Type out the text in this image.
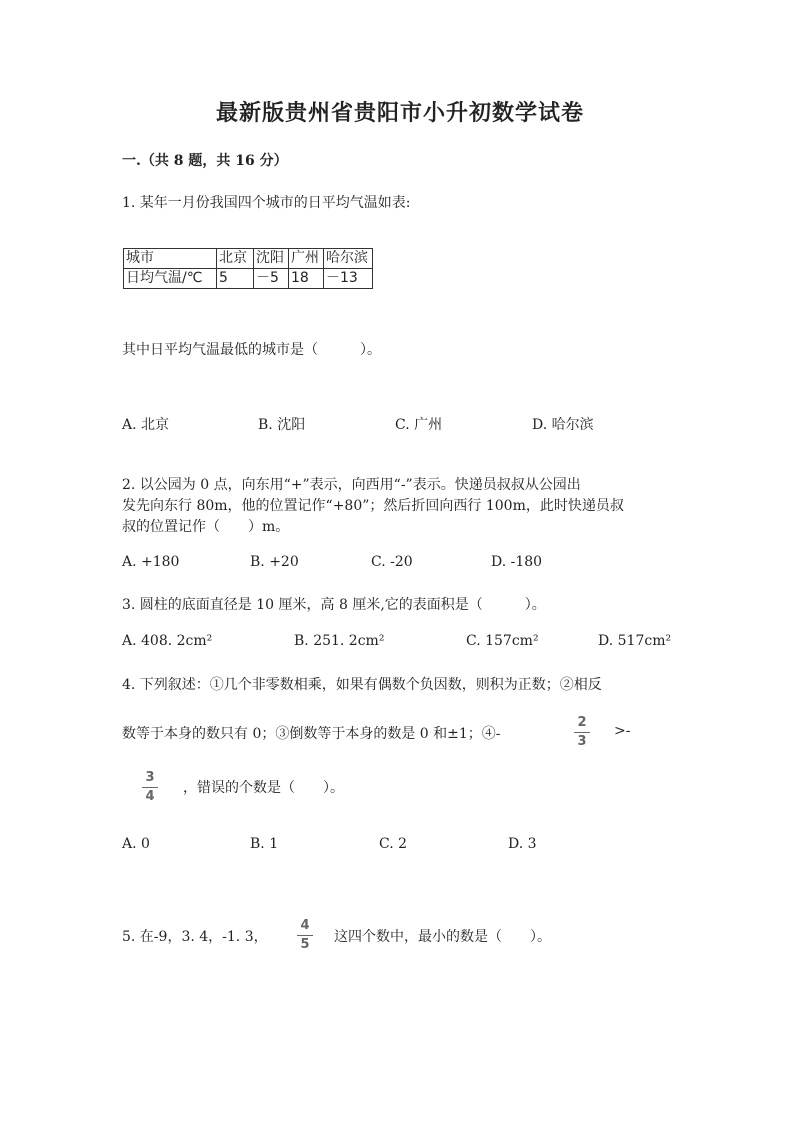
最新版贵州省贵阳市小升初数学试卷
一.（共 8 题，共 16 分）
1. 某年一月份我国四个城市的日平均气温如表:
城市	北京	沈阳	广州	哈尔滨
日均气温/℃	5	－5	18	－13
其中日平均气温最低的城市是（　　　）。
A. 北京	B. 沈阳	C. 广州	D. 哈尔滨
2. 以公园为 0 点，向东用“+”表示，向西用“-”表示。快递员叔叔从公园出
发先向东行 80m，他的位置记作“+80”；然后折回向西行 100m，此时快递员叔
叔的位置记作（　　）m。
A. +180	B. +20	C. -20	D. -180
3. 圆柱的底面直径是 10 厘米，高 8 厘米,它的表面积是（　　　）。
A. 408. 2cm²	B. 251. 2cm²	C. 157cm²	D. 517cm²
4. 下列叙述：①几个非零数相乘，如果有偶数个负因数，则积为正数；②相反
数等于本身的数只有 0；③倒数等于本身的数是 0 和±1；④-
2
3
>-
3
4
，错误的个数是（　　）。
A. 0	B. 1	C. 2	D. 3
5. 在-9，3. 4，-1. 3，
4
5 这四个数中，最小的数是（　　）。
